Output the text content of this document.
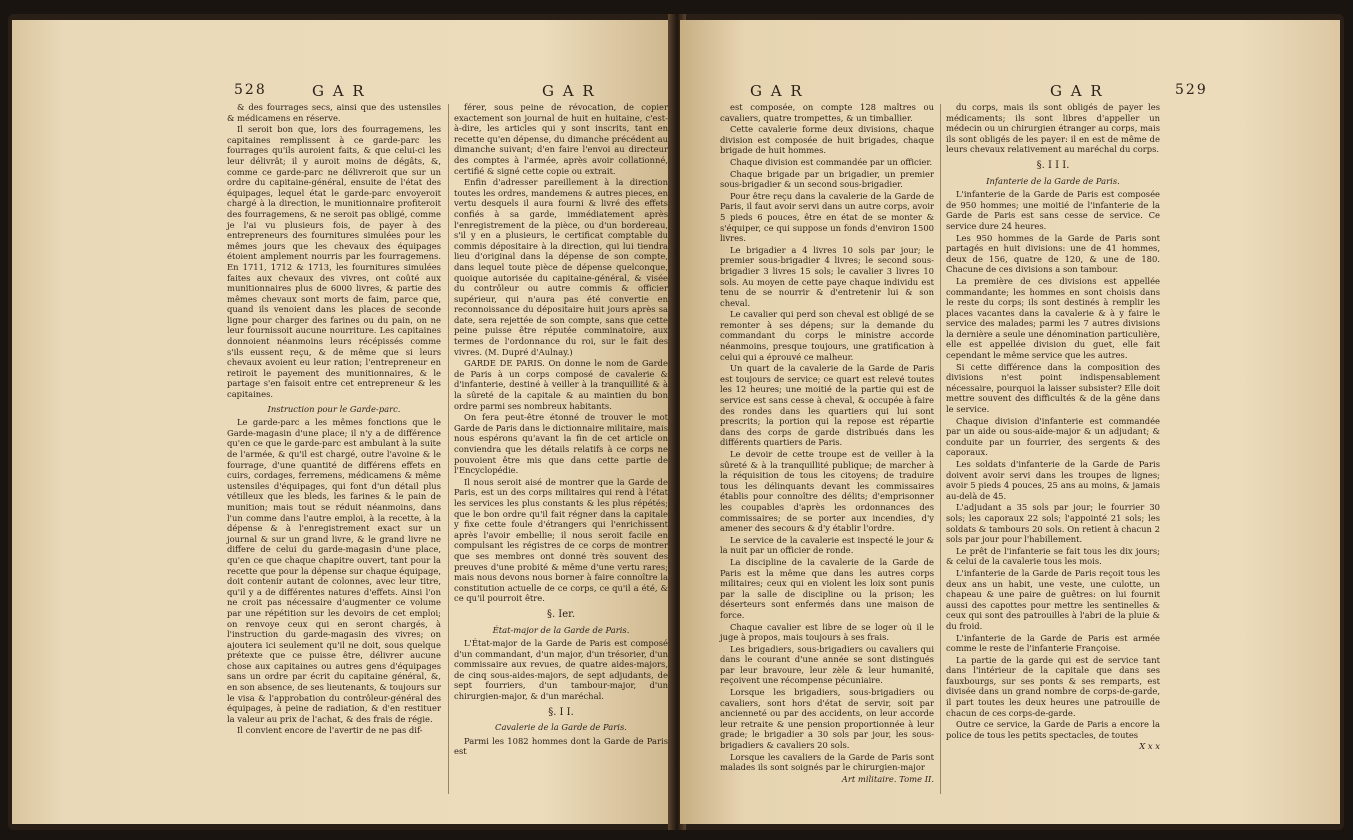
528	G A R	G A R

& des fourrages secs, ainsi que des ustensiles & médicamens en réserve.

Il seroit bon que, lors des fourragemens, les capitaines remplissent à ce garde-parc les fourrages qu'ils auroient faits, & que celui-ci les leur délivrât; il y auroit moins de dégâts, &, comme ce garde-parc ne délivreroit que sur un ordre du capitaine-général, ensuite de l'état des équipages, lequel état le garde-parc envoyeroit chargé à la direction, le munitionnaire profiteroit des fourragemens, & ne seroit pas obligé, comme je l'ai vu plusieurs fois, de payer à des entrepreneurs des fournitures simulées pour les mêmes jours que les chevaux des équipages étoient amplement nourris par les fourragemens. En 1711, 1712 & 1713, les fournitures simulées faites aux chevaux des vivres, ont coûté aux munitionnaires plus de 6000 livres, & partie des mêmes chevaux sont morts de faim, parce que, quand ils venoient dans les places de seconde ligne pour charger des farines ou du pain, on ne leur fournissoit aucune nourriture. Les capitaines donnoient néanmoins leurs récépissés comme s'ils eussent reçu, & de même que si leurs chevaux avoient eu leur ration; l'entrepreneur en retiroit le payement des munitionnaires, & le partage s'en faisoit entre cet entrepreneur & les capitaines.

Instruction pour le Garde-parc.

Le garde-parc a les mêmes fonctions que le Garde-magasin d'une place; il n'y a de différence qu'en ce que le garde-parc est ambulant à la suite de l'armée, & qu'il est chargé, outre l'avoine & le fourrage, d'une quantité de différens effets en cuirs, cordages, ferremens, médicamens & même ustensiles d'équipages, qui font d'un détail plus vétilleux que les bleds, les farines & le pain de munition; mais tout se réduit néanmoins, dans l'un comme dans l'autre emploi, à la recette, à la dépense & à l'enregistrement exact sur un journal & sur un grand livre, & le grand livre ne differe de celui du garde-magasin d'une place, qu'en ce que chaque chapitre ouvert, tant pour la recette que pour la dépense sur chaque équipage, doit contenir autant de colonnes, avec leur titre, qu'il y a de différentes natures d'effets. Ainsi l'on ne croit pas nécessaire d'augmenter ce volume par une répétition sur les devoirs de cet emploi; on renvoye ceux qui en seront chargés, à l'instruction du garde-magasin des vivres; on ajoutera ici seulement qu'il ne doit, sous quelque prétexte que ce puisse être, délivrer aucune chose aux capitaines ou autres gens d'équipages sans un ordre par écrit du capitaine général, &, en son absence, de ses lieutenants, & toujours sur le visa & l'approbation du contrôleur-général des équipages, à peine de radiation, & d'en restituer la valeur au prix de l'achat, & des frais de régie.

Il convient encore de l'avertir de ne pas dif-

férer, sous peine de révocation, de copier exactement son journal de huit en huitaine, c'est-à-dire, les articles qui y sont inscrits, tant en recette qu'en dépense, du dimanche précédent au dimanche suivant; d'en faire l'envoi au directeur des comptes à l'armée, après avoir collationné, certifié & signé cette copie ou extrait.

Enfin d'adresser pareillement à la direction toutes les ordres, mandemens & autres pieces, en vertu desquels il aura fourni & livré des effets confiés à sa garde, immédiatement après l'enregistrement de la pièce, ou d'un bordereau, s'il y en a plusieurs, le certificat comptable du commis dépositaire à la direction, qui lui tiendra lieu d'original dans la dépense de son compte, dans lequel toute pièce de dépense quelconque, quoique autorisée du capitaine-général, & visée du contrôleur ou autre commis & officier supérieur, qui n'aura pas été convertie en reconnoissance du dépositaire huit jours après sa date, sera rejettée de son compte, sans que cette peine puisse être réputée comminatoire, aux termes de l'ordonnance du roi, sur le fait des vivres. (M. Dupré d'Aulnay.)

GARDE DE PARIS. On donne le nom de Garde de Paris à un corps composé de cavalerie & d'infanterie, destiné à veiller à la tranquillité & à la sûreté de la capitale & au maintien du bon ordre parmi ses nombreux habitants.

On fera peut-être étonné de trouver le mot Garde de Paris dans le dictionnaire militaire, mais nous espérons qu'avant la fin de cet article on conviendra que les détails relatifs à ce corps ne pouvoient être mis que dans cette partie de l'Encyclopédie.

Il nous seroit aisé de montrer que la Garde de Paris, est un des corps militaires qui rend à l'état les services les plus constants & les plus répétés; que le bon ordre qu'il fait régner dans la capitale y fixe cette foule d'étrangers qui l'enrichissent après l'avoir embellie; il nous seroit facile en compulsant les régistres de ce corps de montrer que ses membres ont donné très souvent des preuves d'une probité & même d'une vertu rares; mais nous devons nous borner à faire connoître la constitution actuelle de ce corps, ce qu'il a été, & ce qu'il pourroit être.

§. Ier.

État-major de la Garde de Paris.

L'État-major de la Garde de Paris est composé d'un commandant, d'un major, d'un trésorier, d'un commissaire aux revues, de quatre aides-majors, de cinq sous-aides-majors, de sept adjudants, de sept fourriers, d'un tambour-major, d'un chirurgien-major, & d'un maréchal.

§. I I.

Cavalerie de la Garde de Paris.

Parmi les 1082 hommes dont la Garde de Paris est

G A R	G A R	529

est composée, on compte 128 maîtres ou cavaliers, quatre trompettes, & un timballier.

Cette cavalerie forme deux divisions, chaque division est composée de huit brigades, chaque brigade de huit hommes.

Chaque division est commandée par un officier.

Chaque brigade par un brigadier, un premier sous-brigadier & un second sous-brigadier.

Pour être reçu dans la cavalerie de la Garde de Paris, il faut avoir servi dans un autre corps, avoir 5 pieds 6 pouces, être en état de se monter & s'équiper, ce qui suppose un fonds d'environ 1500 livres.

Le brigadier a 4 livres 10 sols par jour; le premier sous-brigadier 4 livres; le second sous-brigadier 3 livres 15 sols; le cavalier 3 livres 10 sols. Au moyen de cette paye chaque individu est tenu de se nourrir & d'entretenir lui & son cheval.

Le cavalier qui perd son cheval est obligé de se remonter à ses dépens; sur la demande du commandant du corps le ministre accorde néanmoins, presque toujours, une gratification à celui qui a éprouvé ce malheur.

Un quart de la cavalerie de la Garde de Paris est toujours de service; ce quart est relevé toutes les 12 heures; une moitié de la partie qui est de service est sans cesse à cheval, & occupée à faire des rondes dans les quartiers qui lui sont prescrits; la portion qui la repose est répartie dans des corps de garde distribués dans les différents quartiers de Paris.

Le devoir de cette troupe est de veiller à la sûreté & à la tranquillité publique; de marcher à la réquisition de tous les citoyens; de traduire tous les délinquants devant les commissaires établis pour connoître des délits; d'emprisonner les coupables d'après les ordonnances des commissaires; de se porter aux incendies, d'y amener des secours & d'y établir l'ordre.

Le service de la cavalerie est inspecté le jour & la nuit par un officier de ronde.

La discipline de la cavalerie de la Garde de Paris est la même que dans les autres corps militaires; ceux qui en violent les loix sont punis par la salle de discipline ou la prison; les déserteurs sont enfermés dans une maison de force.

Chaque cavalier est libre de se loger où il le juge à propos, mais toujours à ses frais.

Les brigadiers, sous-brigadiers ou cavaliers qui dans le courant d'une année se sont distingués par leur bravoure, leur zèle & leur humanité, reçoivent une récompense pécuniaire.

Lorsque les brigadiers, sous-brigadiers ou cavaliers, sont hors d'état de servir, soit par ancienneté ou par des accidents, on leur accorde leur retraite & une pension proportionnée à leur grade; le brigadier a 30 sols par jour, les sous-brigadiers & cavaliers 20 sols.

Lorsque les cavaliers de la Garde de Paris sont malades ils sont soignés par le chirurgien-major

Art militaire. Tome II.

du corps, mais ils sont obligés de payer les médicaments; ils sont libres d'appeller un médecin ou un chirurgien étranger au corps, mais ils sont obligés de les payer: il en est de même de leurs chevaux relativement au maréchal du corps.

§. I I I.

Infanterie de la Garde de Paris.

L'infanterie de la Garde de Paris est composée de 950 hommes; une moitié de l'infanterie de la Garde de Paris est sans cesse de service. Ce service dure 24 heures.

Les 950 hommes de la Garde de Paris sont partagés en huit divisions: une de 41 hommes, deux de 156, quatre de 120, & une de 180. Chacune de ces divisions a son tambour.

La première de ces divisions est appellée commandante; les hommes en sont choisis dans le reste du corps; ils sont destinés à remplir les places vacantes dans la cavalerie & à y faire le service des malades; parmi les 7 autres divisions la dernière a seule une dénomination particulière, elle est appellée division du guet, elle fait cependant le même service que les autres.

Si cette différence dans la composition des divisions n'est point indispensablement nécessaire, pourquoi la laisser subsister? Elle doit mettre souvent des difficultés & de la gêne dans le service.

Chaque division d'infanterie est commandée par un aide ou sous-aide-major & un adjudant; & conduite par un fourrier, des sergents & des caporaux.

Les soldats d'infanterie de la Garde de Paris doivent avoir servi dans les troupes de lignes; avoir 5 pieds 4 pouces, 25 ans au moins, & jamais au-delà de 45.

L'adjudant a 35 sols par jour; le fourrier 30 sols; les caporaux 22 sols; l'appointé 21 sols; les soldats & tambours 20 sols. On retient à chacun 2 sols par jour pour l'habillement.

Le prêt de l'infanterie se fait tous les dix jours; & celui de la cavalerie tous les mois.

L'infanterie de la Garde de Paris reçoit tous les deux ans un habit, une veste, une culotte, un chapeau & une paire de guêtres: on lui fournit aussi des capottes pour mettre les sentinelles & ceux qui sont des patrouilles à l'abri de la pluie & du froid.

L'infanterie de la Garde de Paris est armée comme le reste de l'infanterie Françoise.

La partie de la garde qui est de service tant dans l'intérieur de la capitale que dans ses fauxbourgs, sur ses ponts & ses remparts, est divisée dans un grand nombre de corps-de-garde, il part toutes les deux heures une patrouille de chacun de ces corps-de-garde.

Outre ce service, la Garde de Paris a encore la police de tous les petits spectacles, de toutes

X x x
